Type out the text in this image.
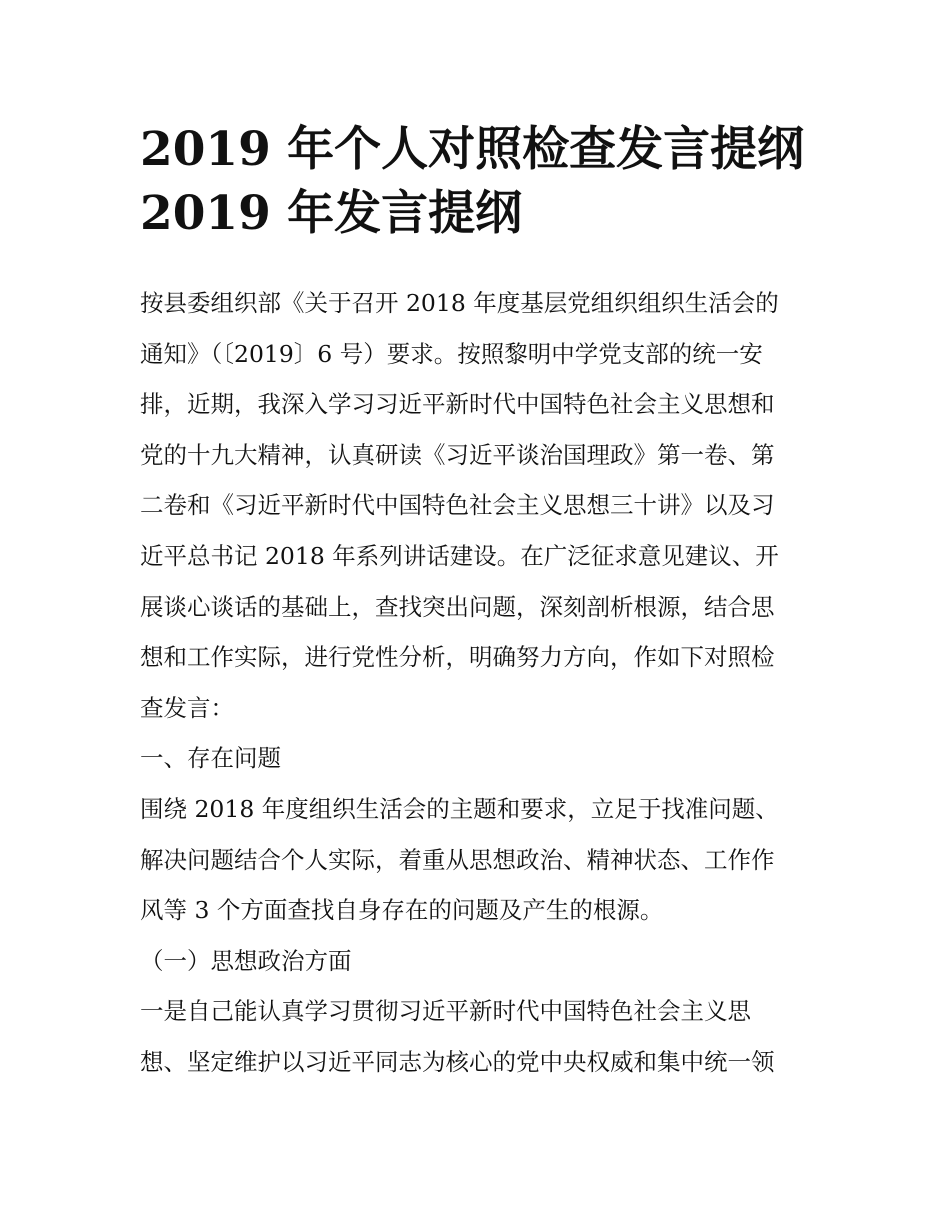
2019 年个人对照检查发言提纲
2019 年发言提纲
按县委组织部《关于召开 2018 年度基层党组织组织生活会的
通知》（〔2019〕6 号）要求。按照黎明中学党支部的统一安
排，近期，我深入学习习近平新时代中国特色社会主义思想和
党的十九大精神，认真研读《习近平谈治国理政》第一卷、第
二卷和《习近平新时代中国特色社会主义思想三十讲》以及习
近平总书记 2018 年系列讲话建设。在广泛征求意见建议、开
展谈心谈话的基础上，查找突出问题，深刻剖析根源，结合思
想和工作实际，进行党性分析，明确努力方向，作如下对照检
查发言：
一、存在问题
围绕 2018 年度组织生活会的主题和要求，立足于找准问题、
解决问题结合个人实际，着重从思想政治、精神状态、工作作
风等 3 个方面查找自身存在的问题及产生的根源。
（一）思想政治方面
一是自己能认真学习贯彻习近平新时代中国特色社会主义思
想、坚定维护以习近平同志为核心的党中央权威和集中统一领
